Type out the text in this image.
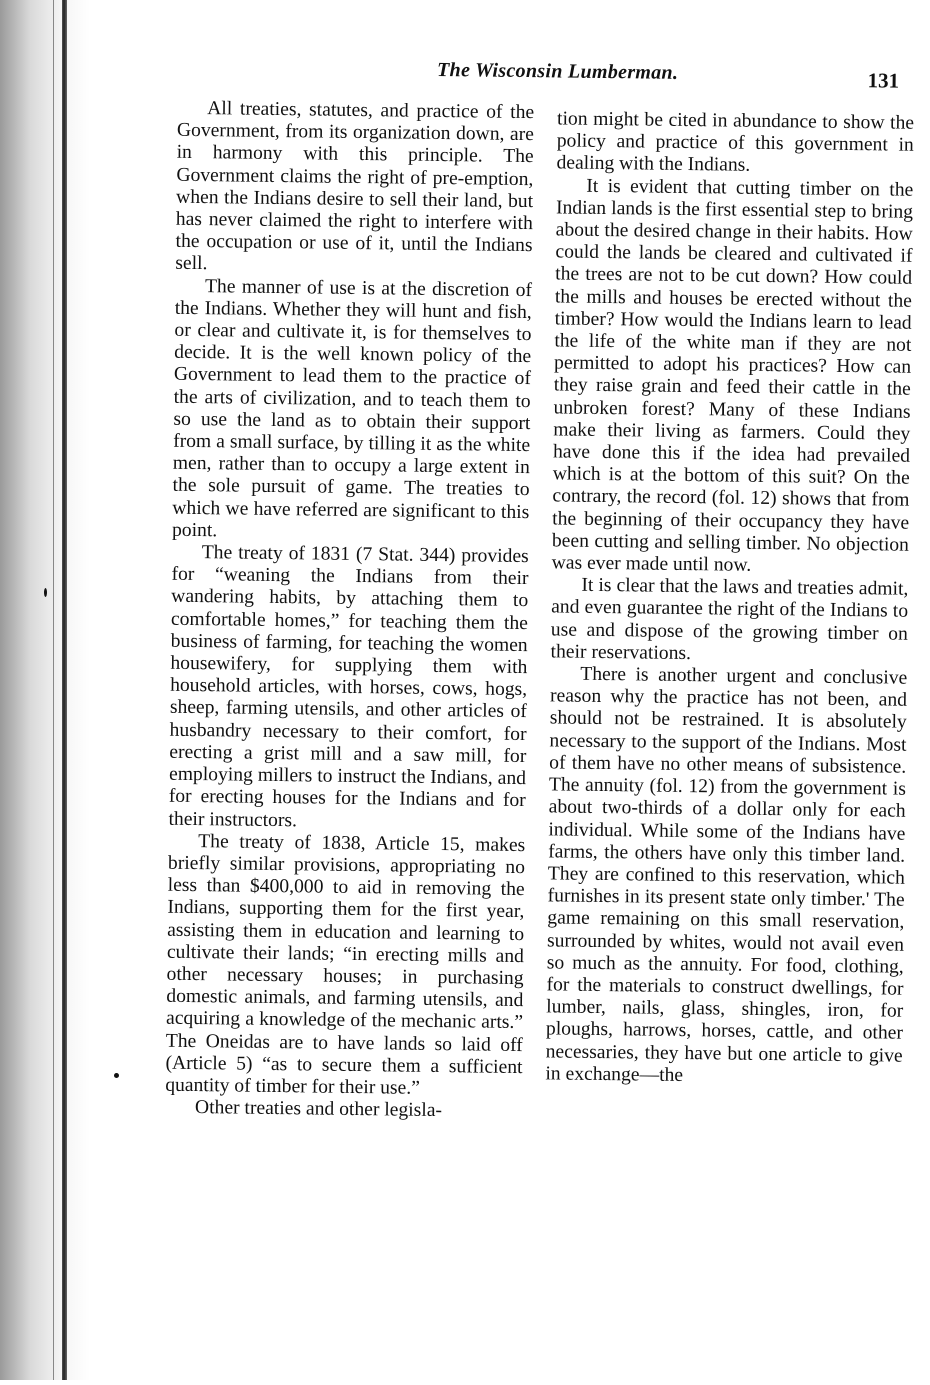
The Wisconsin Lumberman.	131

All treaties, statutes, and practice of the Government, from its organization down, are in harmony with this principle. The Government claims the right of pre-emption, when the Indians desire to sell their land, but has never claimed the right to interfere with the occupation or use of it, until the Indians sell.

The manner of use is at the discretion of the Indians. Whether they will hunt and fish, or clear and cultivate it, is for themselves to decide. It is the well known policy of the Government to lead them to the practice of the arts of civilization, and to teach them to so use the land as to obtain their support from a small surface, by tilling it as the white men, rather than to occupy a large extent in the sole pursuit of game. The treaties to which we have referred are significant to this point.

The treaty of 1831 (7 Stat. 344) provides for “weaning the Indians from their wandering habits, by attaching them to comfortable homes,” for teaching them the business of farming, for teaching the women housewifery, for supplying them with household articles, with horses, cows, hogs, sheep, farming utensils, and other articles of husbandry necessary to their comfort, for erecting a grist mill and a saw mill, for employing millers to instruct the Indians, and for erecting houses for the Indians and for their instructors.

The treaty of 1838, Article 15, makes briefly similar provisions, appropriating no less than $400,000 to aid in removing the Indians, supporting them for the first year, assisting them in education and learning to cultivate their lands; “in erecting mills and other necessary houses; in purchasing domestic animals, and farming utensils, and acquiring a knowledge of the mechanic arts.” The Oneidas are to have lands so laid off (Article 5) “as to secure them a sufficient quantity of timber for their use.”

Other treaties and other legisla-

tion might be cited in abundance to show the policy and practice of this government in dealing with the Indians.

It is evident that cutting timber on the Indian lands is the first essential step to bring about the desired change in their habits. How could the lands be cleared and cultivated if the trees are not to be cut down? How could the mills and houses be erected without the timber? How would the Indians learn to lead the life of the white man if they are not permitted to adopt his practices? How can they raise grain and feed their cattle in the unbroken forest? Many of these Indians make their living as farmers. Could they have done this if the idea had prevailed which is at the bottom of this suit? On the contrary, the record (fol. 12) shows that from the beginning of their occupancy they have been cutting and selling timber. No objection was ever made until now.

It is clear that the laws and treaties admit, and even guarantee the right of the Indians to use and dispose of the growing timber on their reservations.

There is another urgent and conclusive reason why the practice has not been, and should not be restrained. It is absolutely necessary to the support of the Indians. Most of them have no other means of subsistence. The annuity (fol. 12) from the government is about two-thirds of a dollar only for each individual. While some of the Indians have farms, the others have only this timber land. They are confined to this reservation, which furnishes in its present state only timber.' The game remaining on this small reservation, surrounded by whites, would not avail even so much as the annuity. For food, clothing, for the materials to construct dwellings, for lumber, nails, glass, shingles, iron, for ploughs, harrows, horses, cattle, and other necessaries, they have but one article to give in exchange—the
